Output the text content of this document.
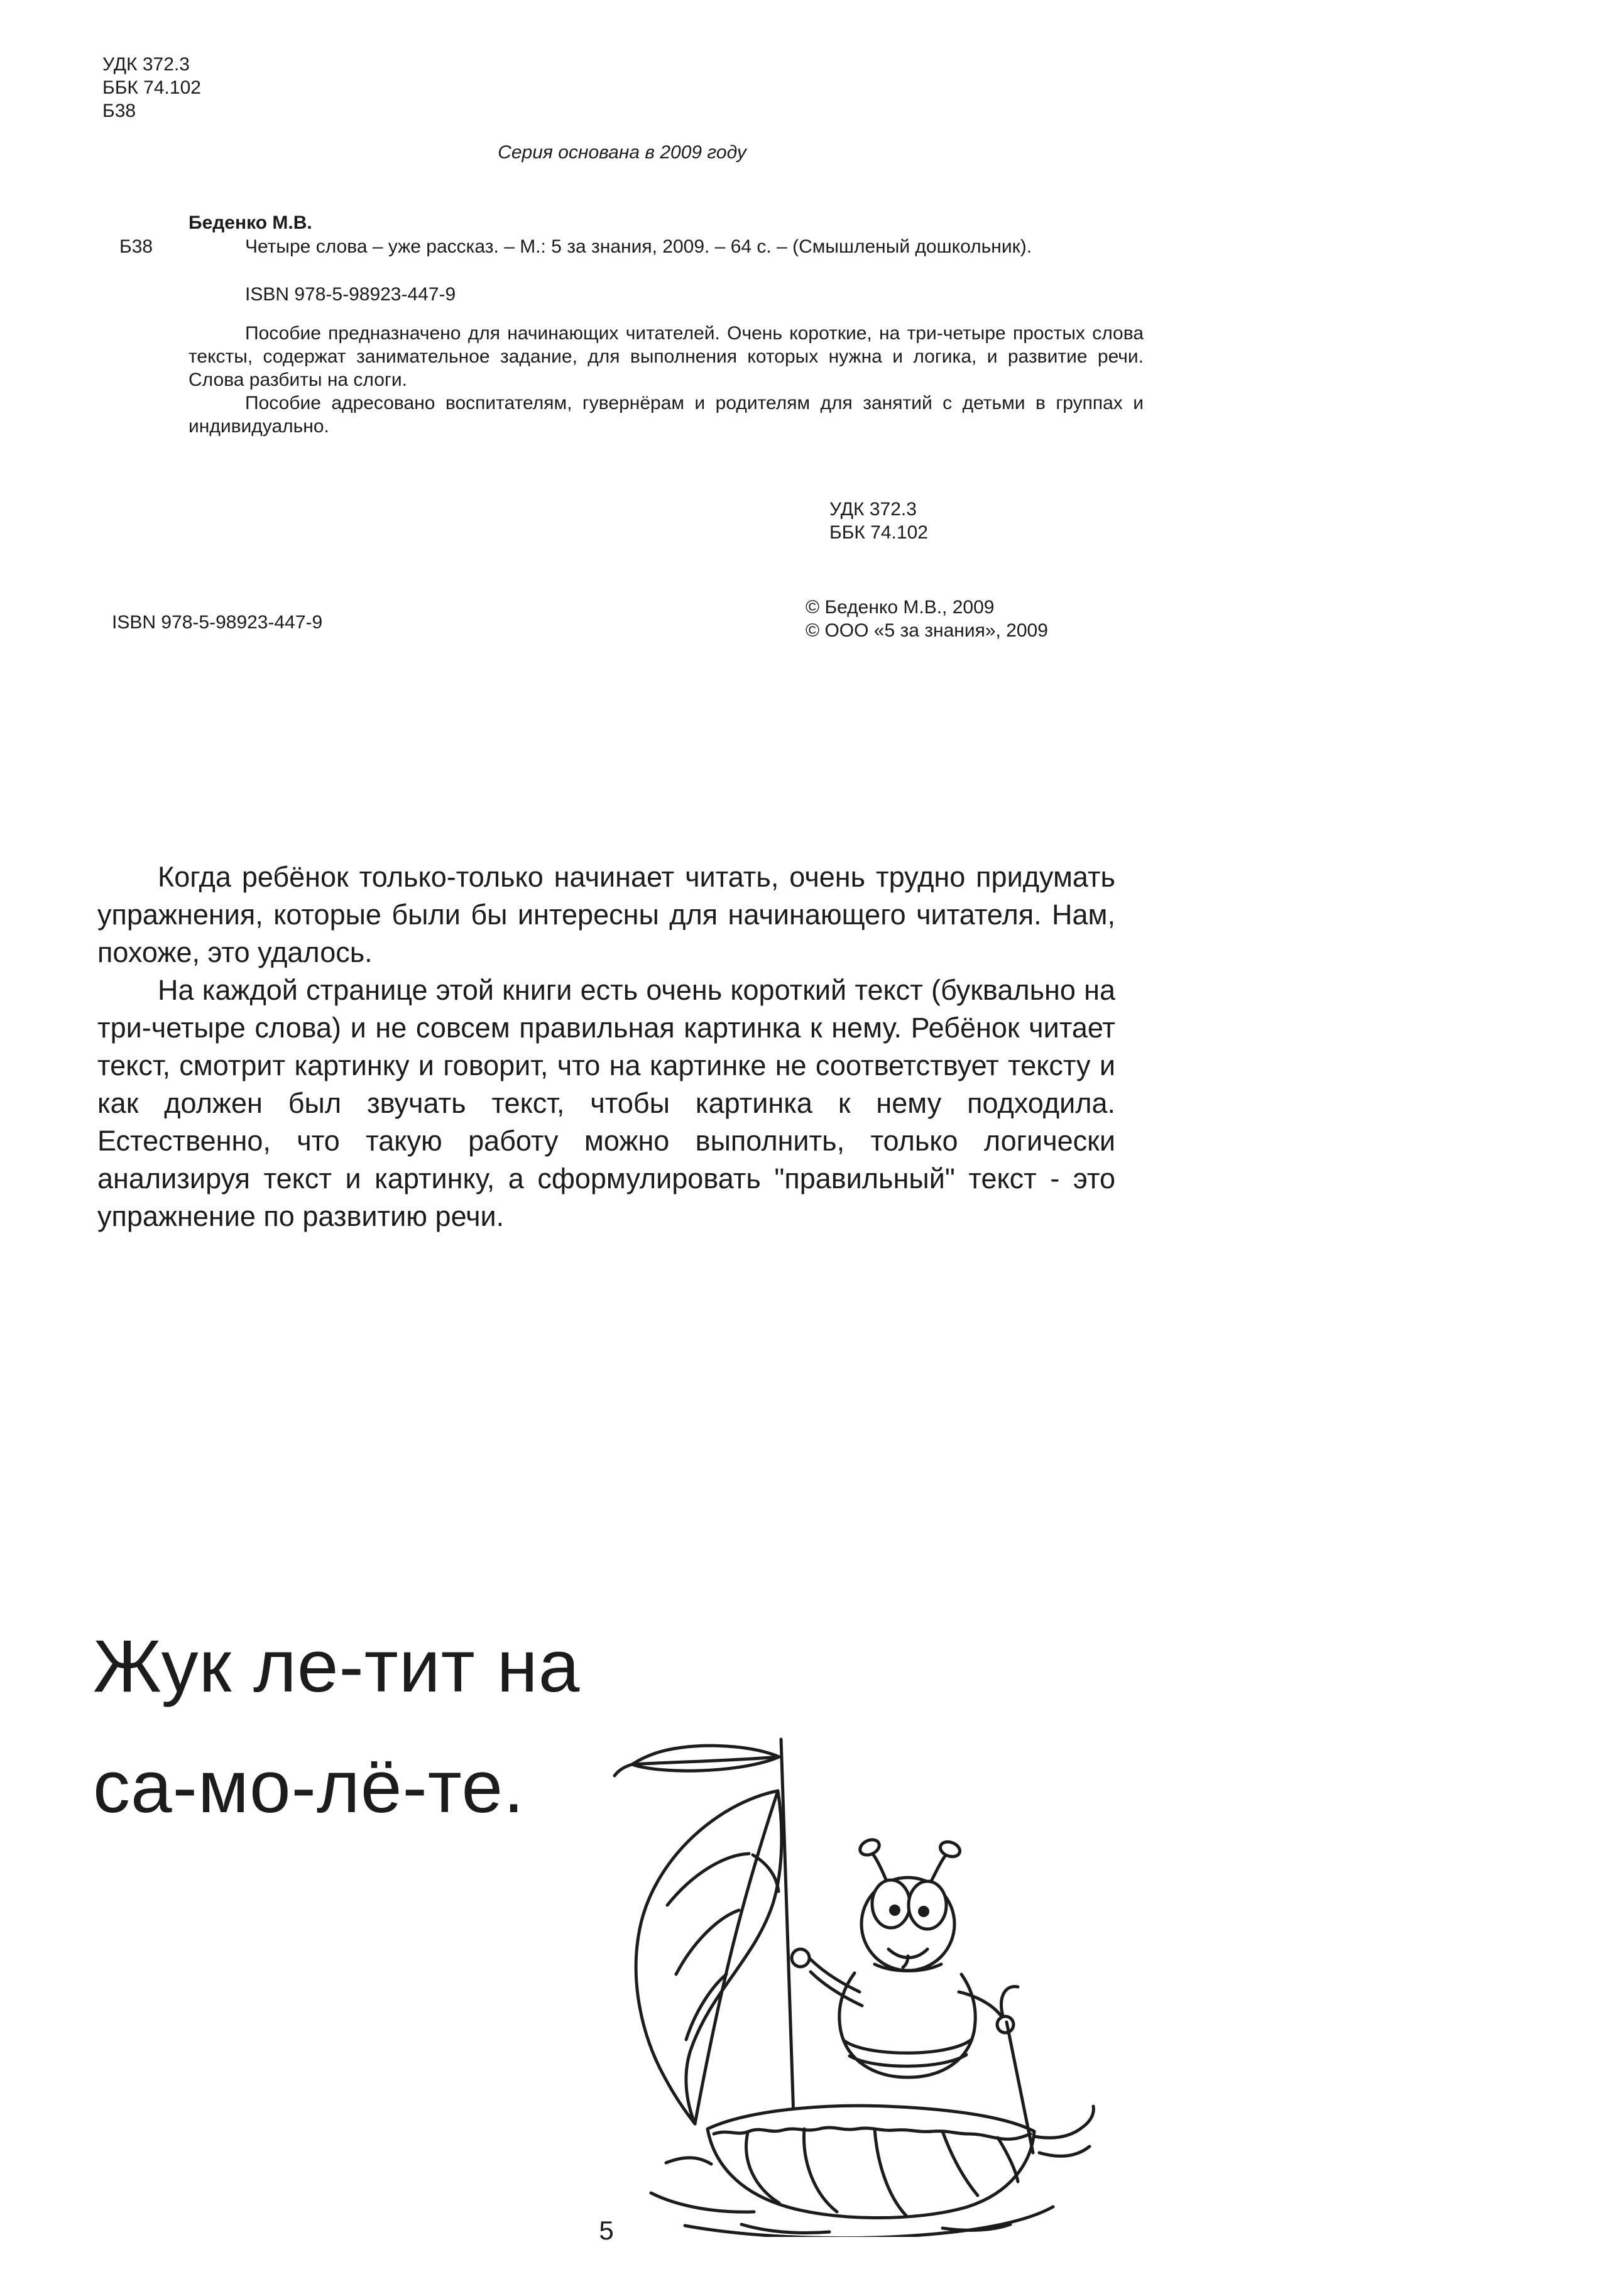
УДК 372.3
ББК 74.102
Б38
Серия основана в 2009 году
Беденко М.В.
Б38	Четыре слова – уже рассказ. – М.: 5 за знания, 2009. – 64 с. – (Смышленый дошкольник).
ISBN 978-5-98923-447-9

Пособие предназначено для начинающих читателей. Очень короткие, на три-четыре простых слова тексты, содержат занимательное задание, для выполнения которых нужна и логика, и развитие речи. Слова разбиты на слоги.

Пособие адресовано воспитателям, гувернёрам и родителям для занятий с детьми в группах и индивидуально.

УДК 372.3
ББК 74.102
© Беденко М.В., 2009
© ООО «5 за знания», 2009
ISBN 978-5-98923-447-9

Когда ребёнок только-только начинает читать, очень трудно придумать упражнения, которые были бы интересны для начинающего читателя. Нам, похоже, это удалось.

На каждой странице этой книги есть очень короткий текст (буквально на три-четыре слова) и не совсем правильная картинка к нему. Ребёнок читает текст, смотрит картинку и говорит, что на картинке не соответствует тексту и как должен был звучать текст, чтобы картинка к нему подходила. Естественно, что такую работу можно выполнить, только логически анализируя текст и картинку, а сформулировать "правильный" текст - это упражнение по развитию речи.

Жук ле-тит на
са-мо-лё-те.
5
